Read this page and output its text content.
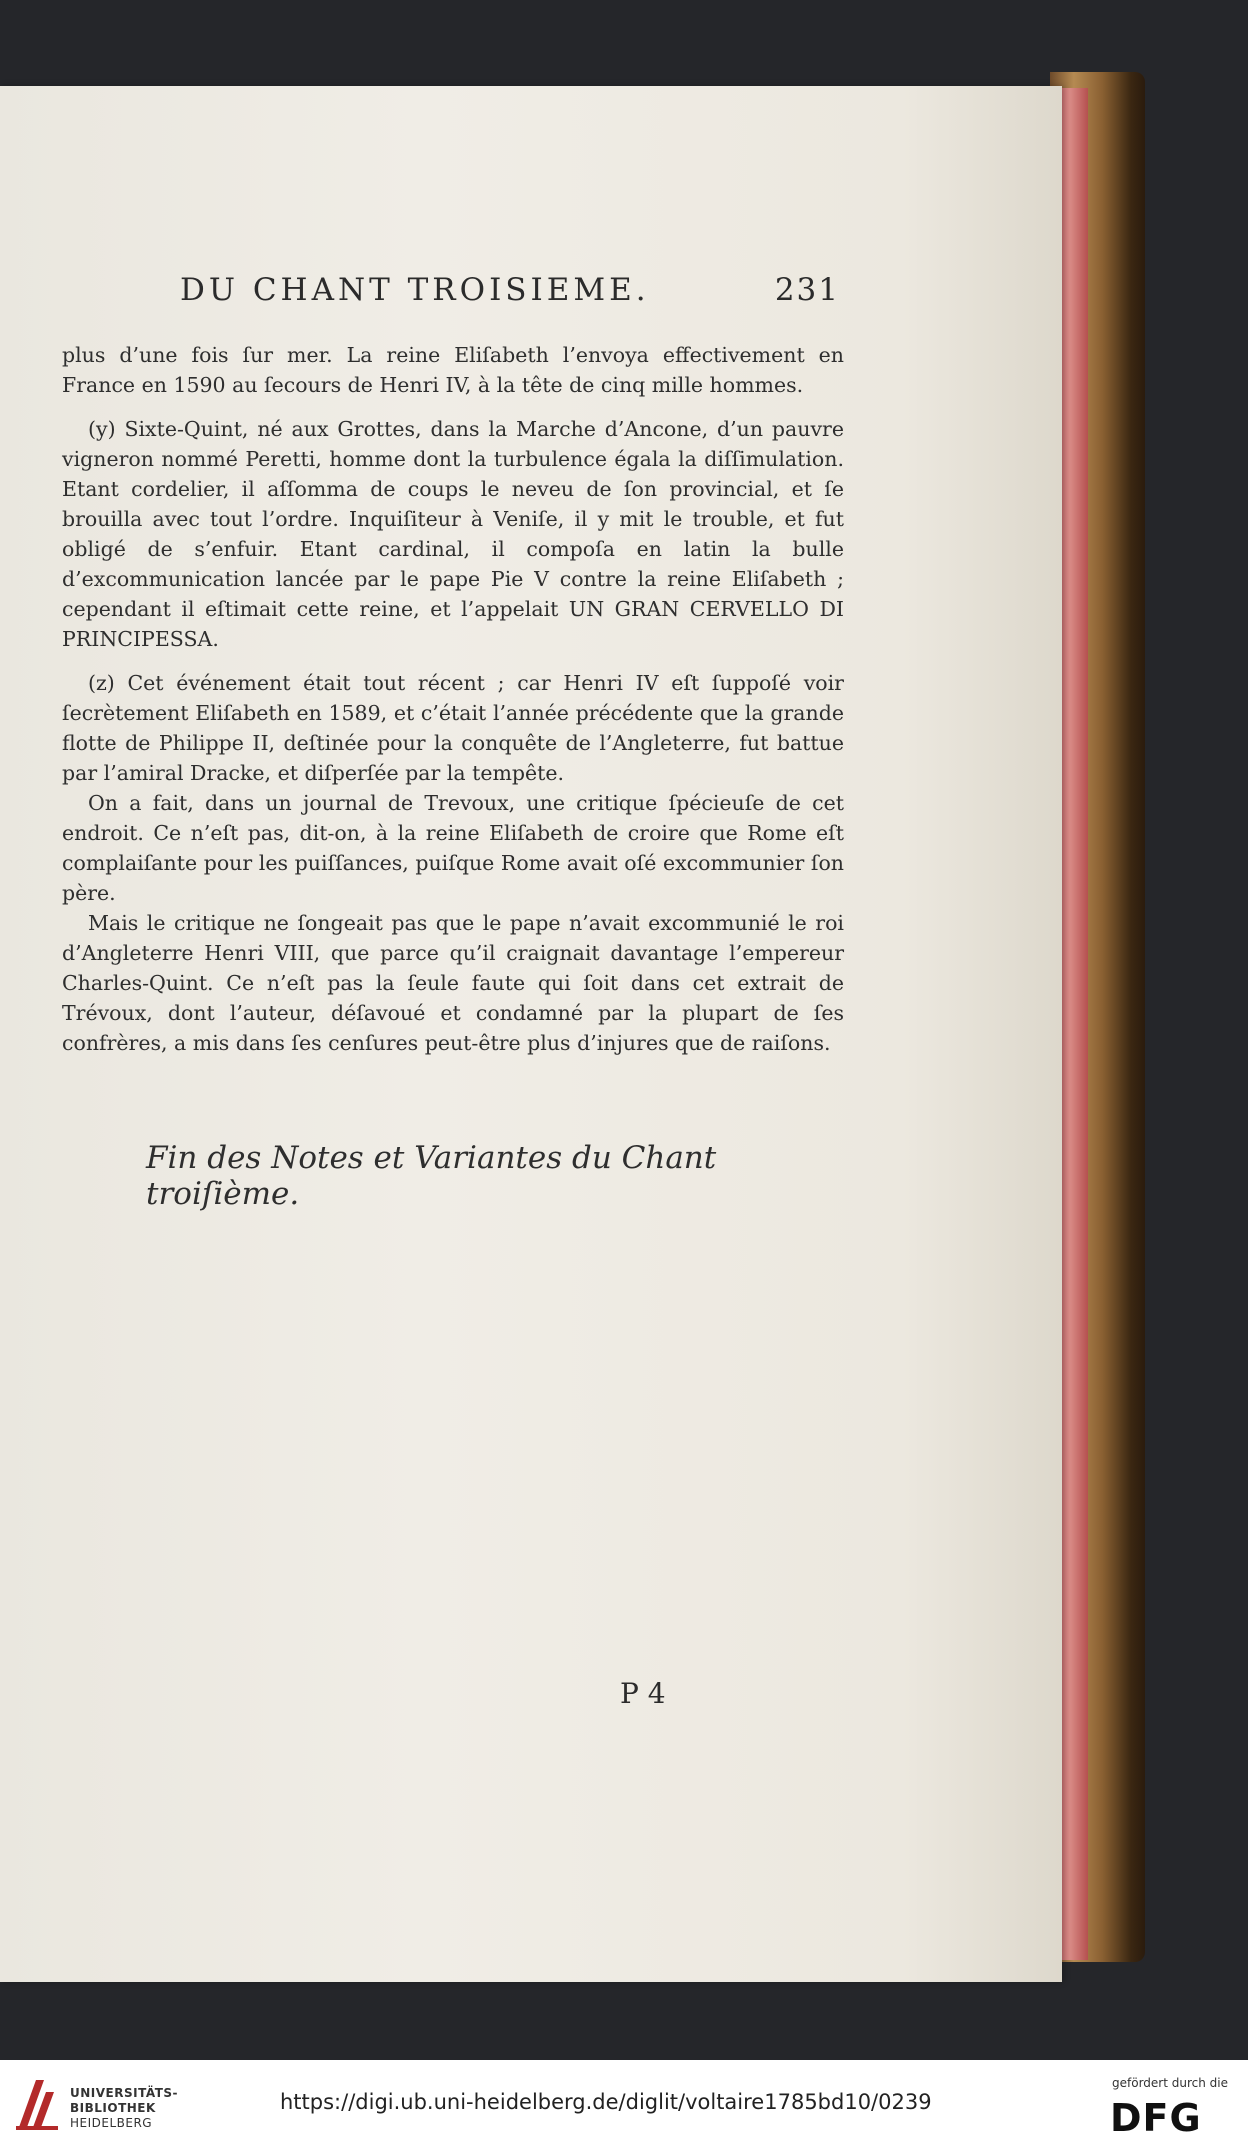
DU CHANT TROISIEME.	231

plus d’une fois ſur mer. La reine Eliſabeth l’envoya effectivement en France en 1590 au ſecours de Henri IV, à la tête de cinq mille hommes.

(y) Sixte-Quint, né aux Grottes, dans la Marche d’Ancone, d’un pauvre vigneron nommé Peretti, homme dont la turbulence égala la diſſimulation. Etant cordelier, il aſſomma de coups le neveu de ſon provincial, et ſe brouilla avec tout l’ordre. Inquiſiteur à Veniſe, il y mit le trouble, et fut obligé de s’enfuir. Etant cardinal, il compoſa en latin la bulle d’excommunication lancée par le pape Pie V contre la reine Eliſabeth ; cependant il eſtimait cette reine, et l’appelait UN GRAN CERVELLO DI PRINCIPESSA.

(z) Cet événement était tout récent ; car Henri IV eſt ſuppoſé voir ſecrètement Eliſabeth en 1589, et c’était l’année précédente que la grande flotte de Philippe II, deſtinée pour la conquête de l’Angleterre, fut battue par l’amiral Dracke, et diſperſée par la tempête.

On a fait, dans un journal de Trevoux, une critique ſpécieuſe de cet endroit. Ce n’eſt pas, dit-on, à la reine Eliſabeth de croire que Rome eſt complaiſante pour les puiſſances, puiſque Rome avait oſé excommunier ſon père.

Mais le critique ne ſongeait pas que le pape n’avait excommunié le roi d’Angleterre Henri VIII, que parce qu’il craignait davantage l’empereur Charles-Quint. Ce n’eſt pas la ſeule faute qui ſoit dans cet extrait de Trévoux, dont l’auteur, déſavoué et condamné par la plupart de ſes confrères, a mis dans ſes cenſures peut-être plus d’injures que de raiſons.

Fin des Notes et Variantes du Chant troiſième.
P 4
UNIVERSITÄTS-
BIBLIOTHEK
HEIDELBERG
https://digi.ub.uni-heidelberg.de/diglit/voltaire1785bd10/0239
gefördert durch die
DFG
